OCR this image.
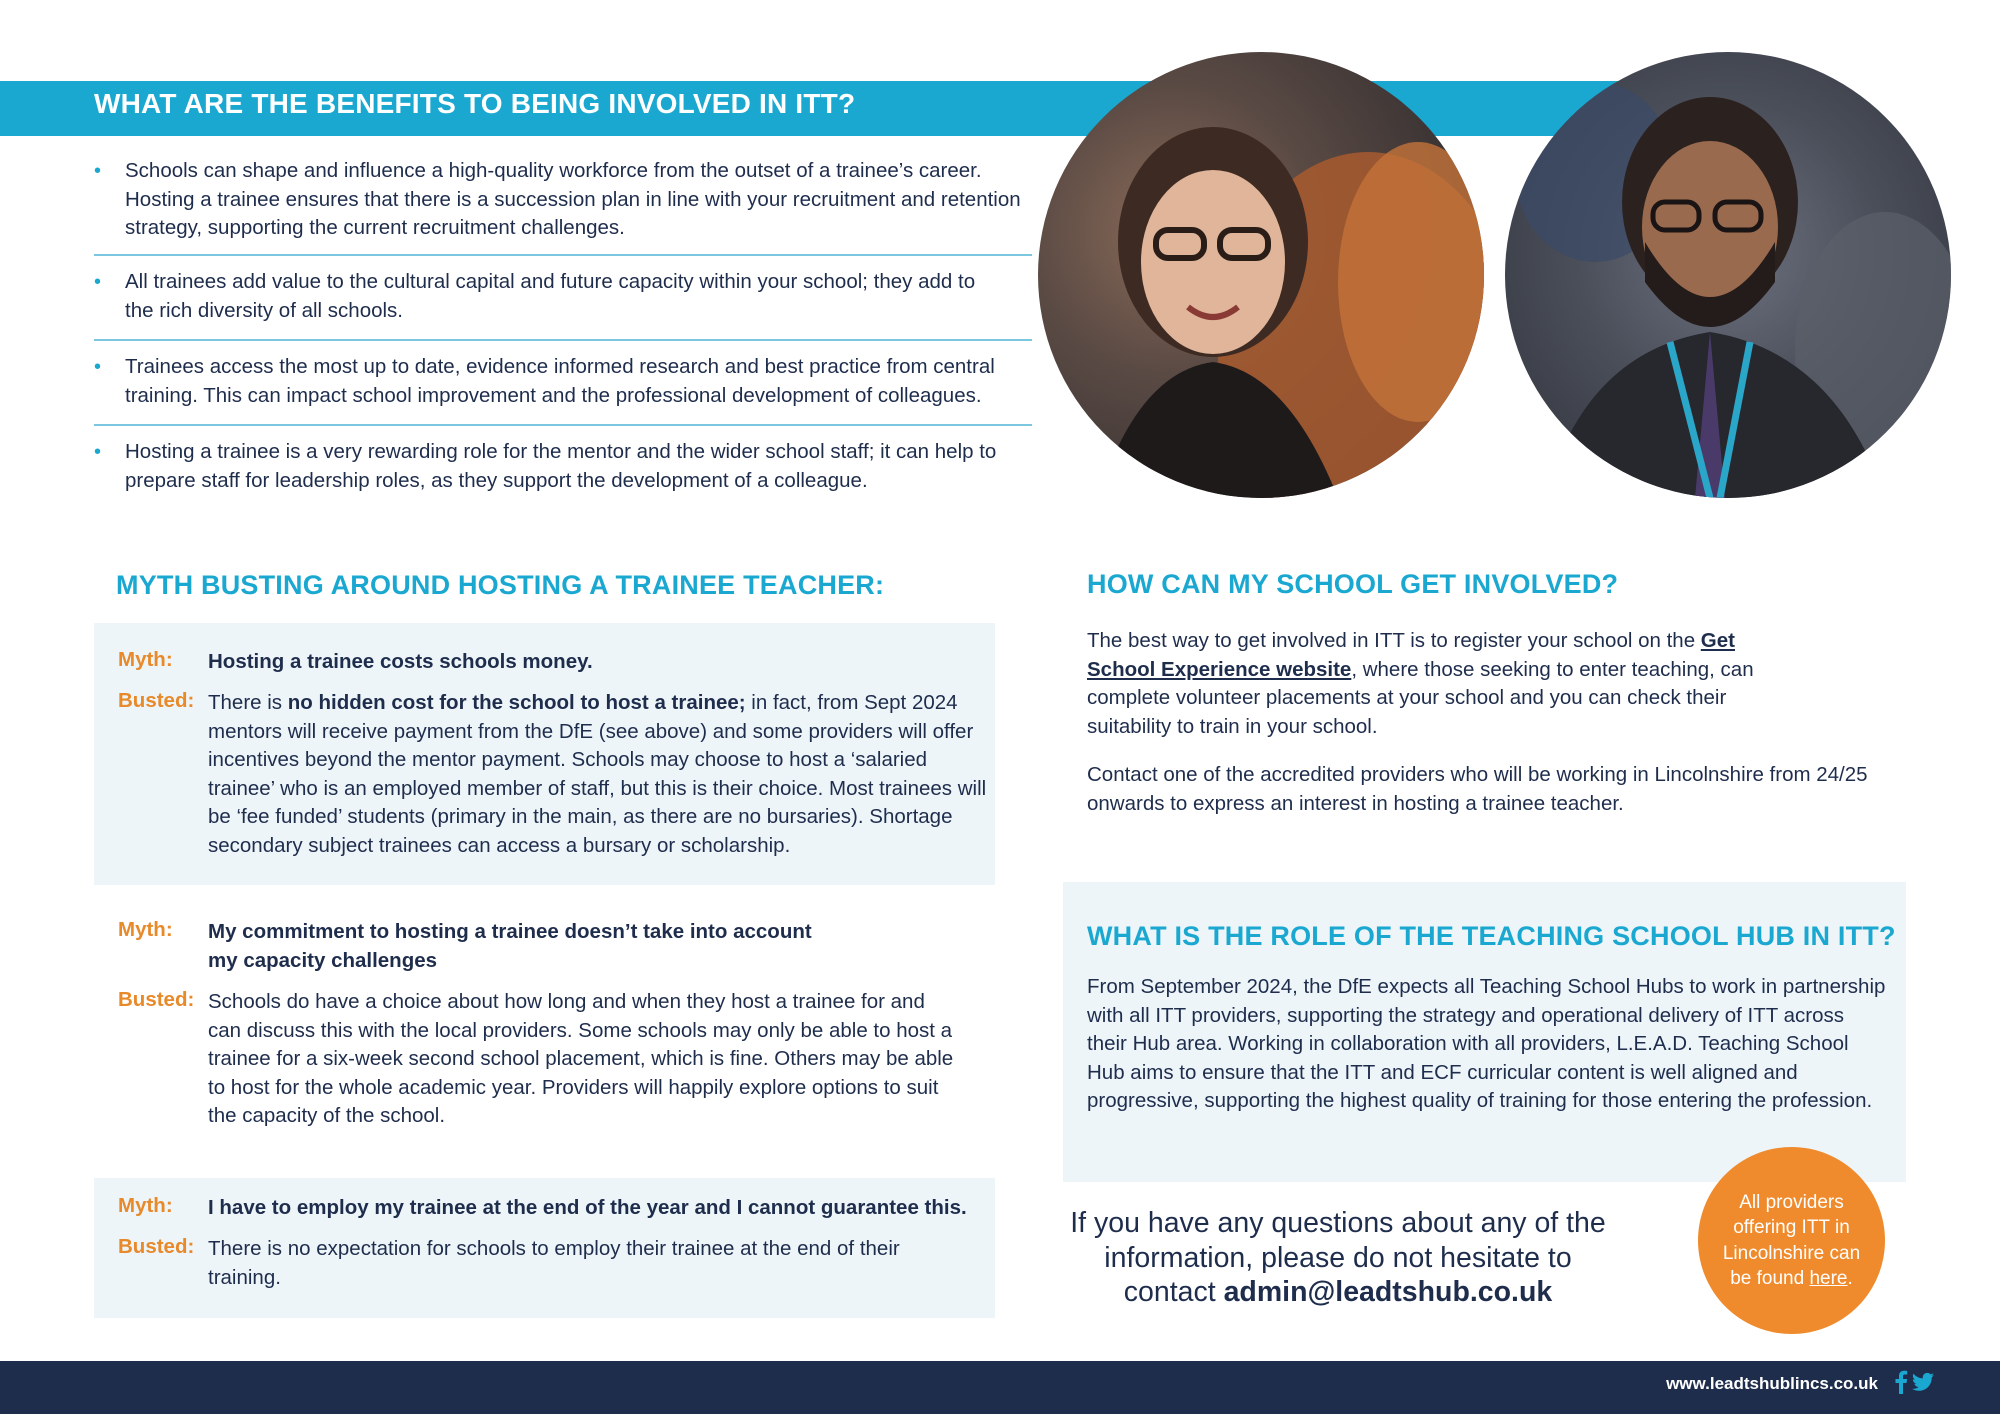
WHAT ARE THE BENEFITS TO BEING INVOLVED IN ITT?
• Schools can shape and influence a high-quality workforce from the outset of a trainee’s career. Hosting a trainee ensures that there is a succession plan in line with your recruitment and retention strategy, supporting the current recruitment challenges.
• All trainees add value to the cultural capital and future capacity within your school; they add to the rich diversity of all schools.
• Trainees access the most up to date, evidence informed research and best practice from central training. This can impact school improvement and the professional development of colleagues.
• Hosting a trainee is a very rewarding role for the mentor and the wider school staff; it can help to prepare staff for leadership roles, as they support the development of a colleague.
MYTH BUSTING AROUND HOSTING A TRAINEE TEACHER:
Myth: Hosting a trainee costs schools money.
Busted: There is no hidden cost for the school to host a trainee; in fact, from Sept 2024 mentors will receive payment from the DfE (see above) and some providers will offer incentives beyond the mentor payment. Schools may choose to host a ‘salaried trainee’ who is an employed member of staff, but this is their choice. Most trainees will be ‘fee funded’ students (primary in the main, as there are no bursaries). Shortage secondary subject trainees can access a bursary or scholarship.
Myth: My commitment to hosting a trainee doesn’t take into account my capacity challenges
Busted: Schools do have a choice about how long and when they host a trainee for and can discuss this with the local providers. Some schools may only be able to host a trainee for a six-week second school placement, which is fine. Others may be able to host for the whole academic year. Providers will happily explore options to suit the capacity of the school.
Myth: I have to employ my trainee at the end of the year and I cannot guarantee this.
Busted: There is no expectation for schools to employ their trainee at the end of their training.
HOW CAN MY SCHOOL GET INVOLVED?
The best way to get involved in ITT is to register your school on the Get School Experience website, where those seeking to enter teaching, can complete volunteer placements at your school and you can check their suitability to train in your school.
Contact one of the accredited providers who will be working in Lincolnshire from 24/25 onwards to express an interest in hosting a trainee teacher.
WHAT IS THE ROLE OF THE TEACHING SCHOOL HUB IN ITT?
From September 2024, the DfE expects all Teaching School Hubs to work in partnership with all ITT providers, supporting the strategy and operational delivery of ITT across their Hub area. Working in collaboration with all providers, L.E.A.D. Teaching School Hub aims to ensure that the ITT and ECF curricular content is well aligned and progressive, supporting the highest quality of training for those entering the profession.
If you have any questions about any of the information, please do not hesitate to contact admin@leadtshub.co.uk
All providers offering ITT in Lincolnshire can be found here.
www.leadtshublincs.co.uk
